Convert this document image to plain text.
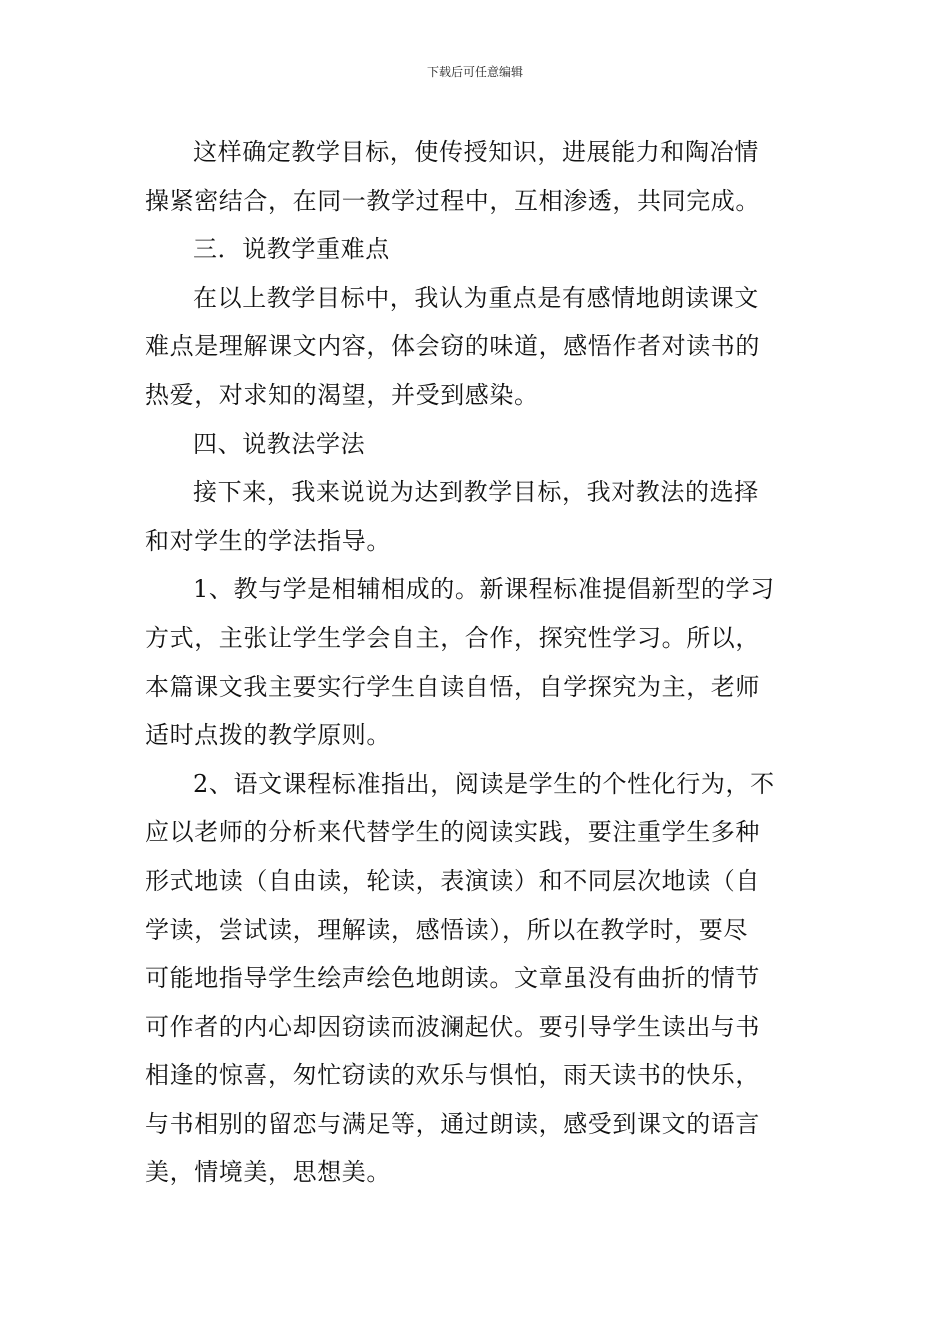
下载后可任意编辑

这样确定教学目标，使传授知识，进展能力和陶冶情
操紧密结合，在同一教学过程中，互相渗透，共同完成。

三．说教学重难点

在以上教学目标中，我认为重点是有感情地朗读课文
难点是理解课文内容，体会窃的味道，感悟作者对读书的
热爱，对求知的渴望，并受到感染。

四、说教法学法

接下来，我来说说为达到教学目标，我对教法的选择
和对学生的学法指导。

1、教与学是相辅相成的。新课程标准提倡新型的学习
方式，主张让学生学会自主，合作，探究性学习。所以，
本篇课文我主要实行学生自读自悟，自学探究为主，老师
适时点拨的教学原则。

2、语文课程标准指出，阅读是学生的个性化行为，不
应以老师的分析来代替学生的阅读实践，要注重学生多种
形式地读（自由读，轮读，表演读）和不同层次地读（自
学读，尝试读，理解读，感悟读），所以在教学时，要尽
可能地指导学生绘声绘色地朗读。文章虽没有曲折的情节
可作者的内心却因窃读而波澜起伏。要引导学生读出与书
相逢的惊喜，匆忙窃读的欢乐与惧怕，雨天读书的快乐，
与书相别的留恋与满足等，通过朗读，感受到课文的语言
美，情境美，思想美。
